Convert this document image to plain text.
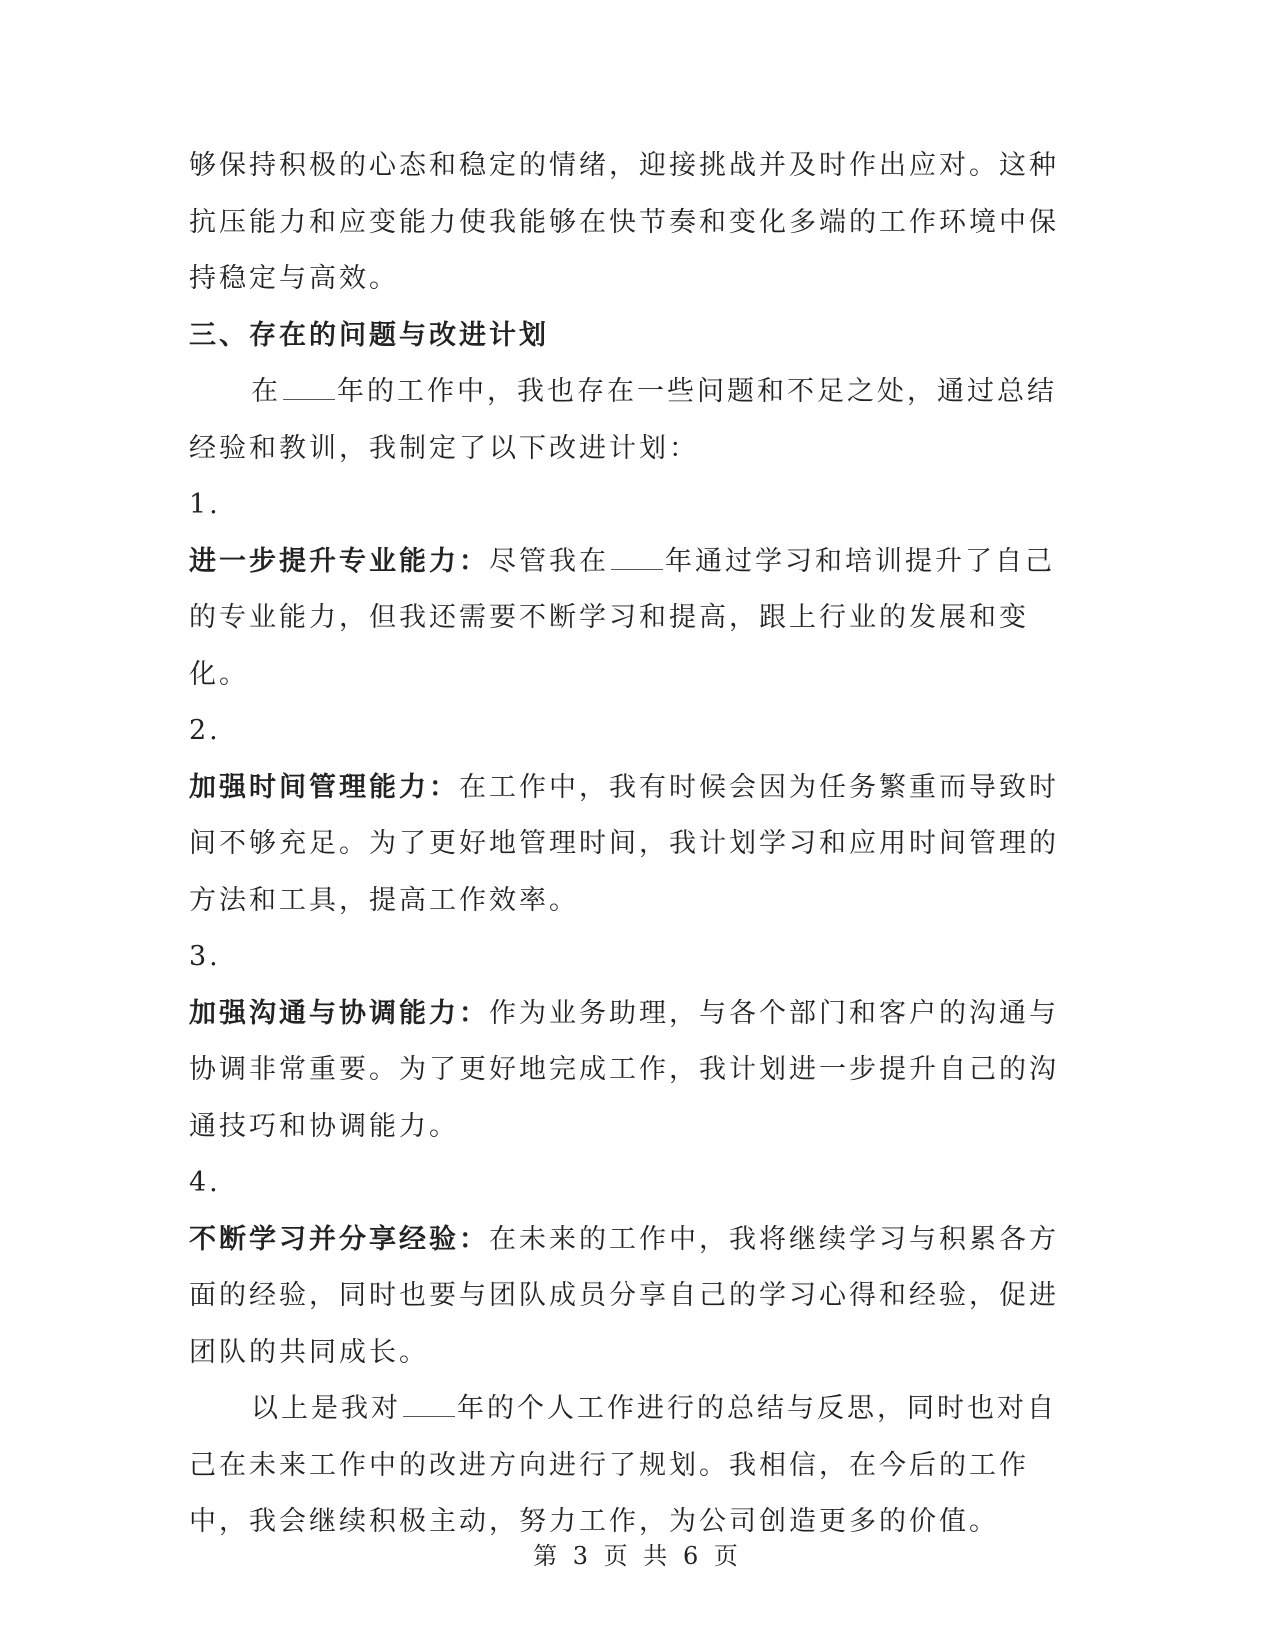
够保持积极的心态和稳定的情绪，迎接挑战并及时作出应对。这种抗压能力和应变能力使我能够在快节奏和变化多端的工作环境中保持稳定与高效。

三、存在的问题与改进计划

在 年的工作中，我也存在一些问题和不足之处，通过总结经验和教训，我制定了以下改进计划：

1.

进一步提升专业能力：尽管我在 年通过学习和培训提升了自己的专业能力，但我还需要不断学习和提高，跟上行业的发展和变化。

2.

加强时间管理能力：在工作中，我有时候会因为任务繁重而导致时间不够充足。为了更好地管理时间，我计划学习和应用时间管理的方法和工具，提高工作效率。

3.

加强沟通与协调能力：作为业务助理，与各个部门和客户的沟通与协调非常重要。为了更好地完成工作，我计划进一步提升自己的沟通技巧和协调能力。

4.

不断学习并分享经验：在未来的工作中，我将继续学习与积累各方面的经验，同时也要与团队成员分享自己的学习心得和经验，促进团队的共同成长。

以上是我对 年的个人工作进行的总结与反思，同时也对自己在未来工作中的改进方向进行了规划。我相信，在今后的工作中，我会继续积极主动，努力工作，为公司创造更多的价值。

第 3 页 共 6 页
